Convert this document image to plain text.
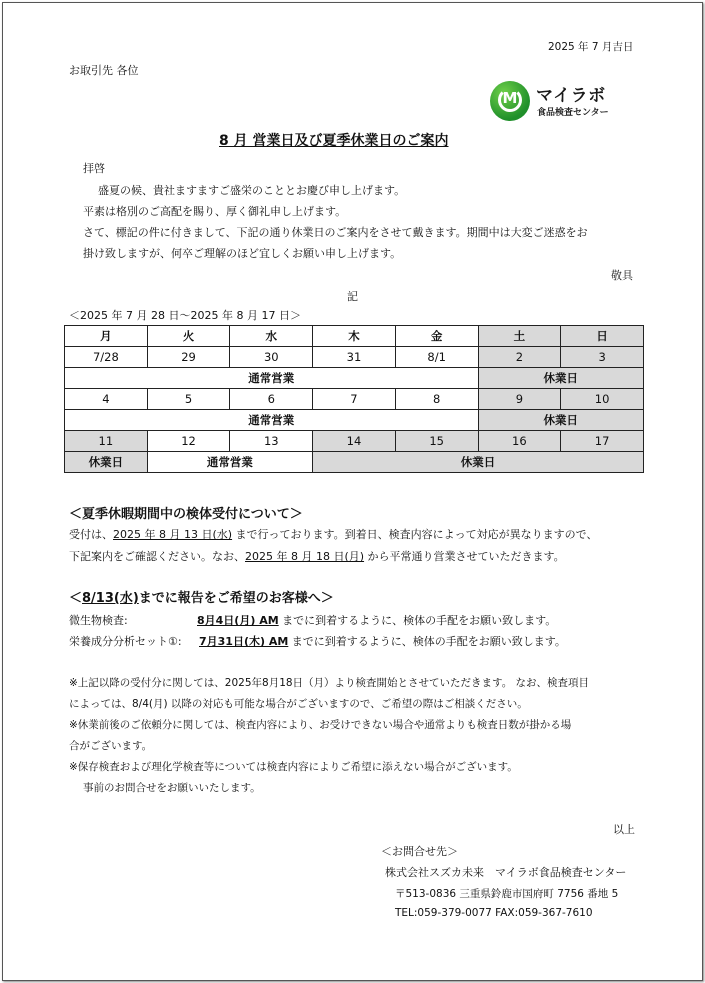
2025 年 7 月吉日
お取引先 各位
M マイラボ
食品検査センター
8 月 営業日及び夏季休業日のご案内
拝啓
盛夏の候、貴社ますますご盛栄のこととお慶び申し上げます。
平素は格別のご高配を賜り、厚く御礼申し上げます。
さて、標記の件に付きまして、下記の通り休業日のご案内をさせて戴きます。期間中は大変ご迷惑をお
掛け致しますが、何卒ご理解のほど宜しくお願い申し上げます。
敬具
記
＜2025 年 7 月 28 日～2025 年 8 月 17 日＞
月	火	水	木	金	土	日
7/28	29	30	31	8/1	2	3
通常営業					休業日	
4	5	6	7	8	9	10
通常営業					休業日	
11	12	13	14	15	16	17
休業日	通常営業		休業日			
＜夏季休暇期間中の検体受付について＞
受付は、2025 年 8 月 13 日(水) まで行っております。到着日、検査内容によって対応が異なりますので、
下記案内をご確認ください。なお、2025 年 8 月 18 日(月) から平常通り営業させていただきます。
＜8/13(水)までに報告をご希望のお客様へ＞
微生物検査:	8月4日(月) AM までに到着するように、検体の手配をお願い致します。
栄養成分分析セット①: 7月31日(木) AM までに到着するように、検体の手配をお願い致します。
※上記以降の受付分に関しては、2025年8月18日（月）より検査開始とさせていただきます。 なお、検査項目
によっては、8/4(月) 以降の対応も可能な場合がございますので、ご希望の際はご相談ください。
※休業前後のご依頼分に関しては、検査内容により、お受けできない場合や通常よりも検査日数が掛かる場
合がございます。
※保存検査および理化学検査等については検査内容によりご希望に添えない場合がございます。
事前のお問合せをお願いいたします。
以上
＜お問合せ先＞
株式会社スズカ未来　マイラボ食品検査センター
〒513-0836 三重県鈴鹿市国府町 7756 番地 5
TEL:059-379-0077 FAX:059-367-7610
